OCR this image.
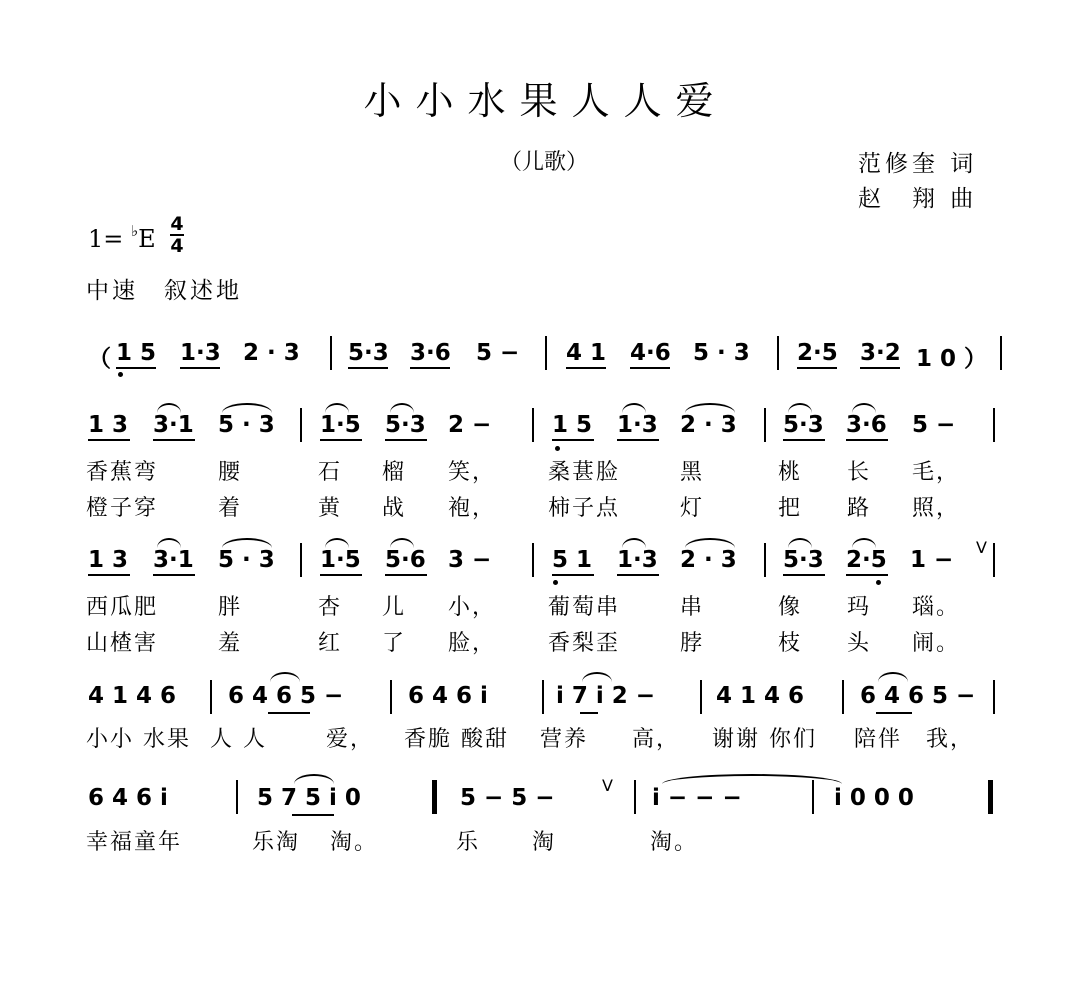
小小水果人人爱
（儿歌）	范修奎 词
赵　翔 曲
1= ♭E
4
4
中速　叙述地
（ 1 5 1·3 2 · 3 5·3 3·6 5 − 4 1 4·6 5 · 3 2·5 3·2 1 0 ）
1 3 3·1 5 · 3 1·5 5·3 2 −	1 5 1·3 2 · 3 5·3 3·6 5 −
香蕉弯	腰	石 榴 笑， 桑葚脸	黑	桃 长 毛，
橙子穿	着	黄 战 袍， 柿子点	灯	把 路 照，
1 3 3·1 5 · 3 1·5 5·6 3 −	5 1 1·3 2 · 3 5·3 2·5 1 −
西瓜肥	胖	杏 儿 小， 葡萄串	串	像 玛 瑙。
山楂害	羞	红 了 脸， 香梨歪	脖	枝 头 闹。
4 1 4 6 6 4 6 5 −	6 4 6 i	i 7 i 2 −	4 1 4 6 6 4 6 5 −
小小 水果 人 人	爱， 香脆 酸甜 营养 高， 谢谢 你们 陪伴 我，
6 4 6 i	5 7 5 i 0	5 − 5 −	i − − −	i 0 0 0
幸福童年	乐淘 淘。	乐 淘	淘。
V
V
